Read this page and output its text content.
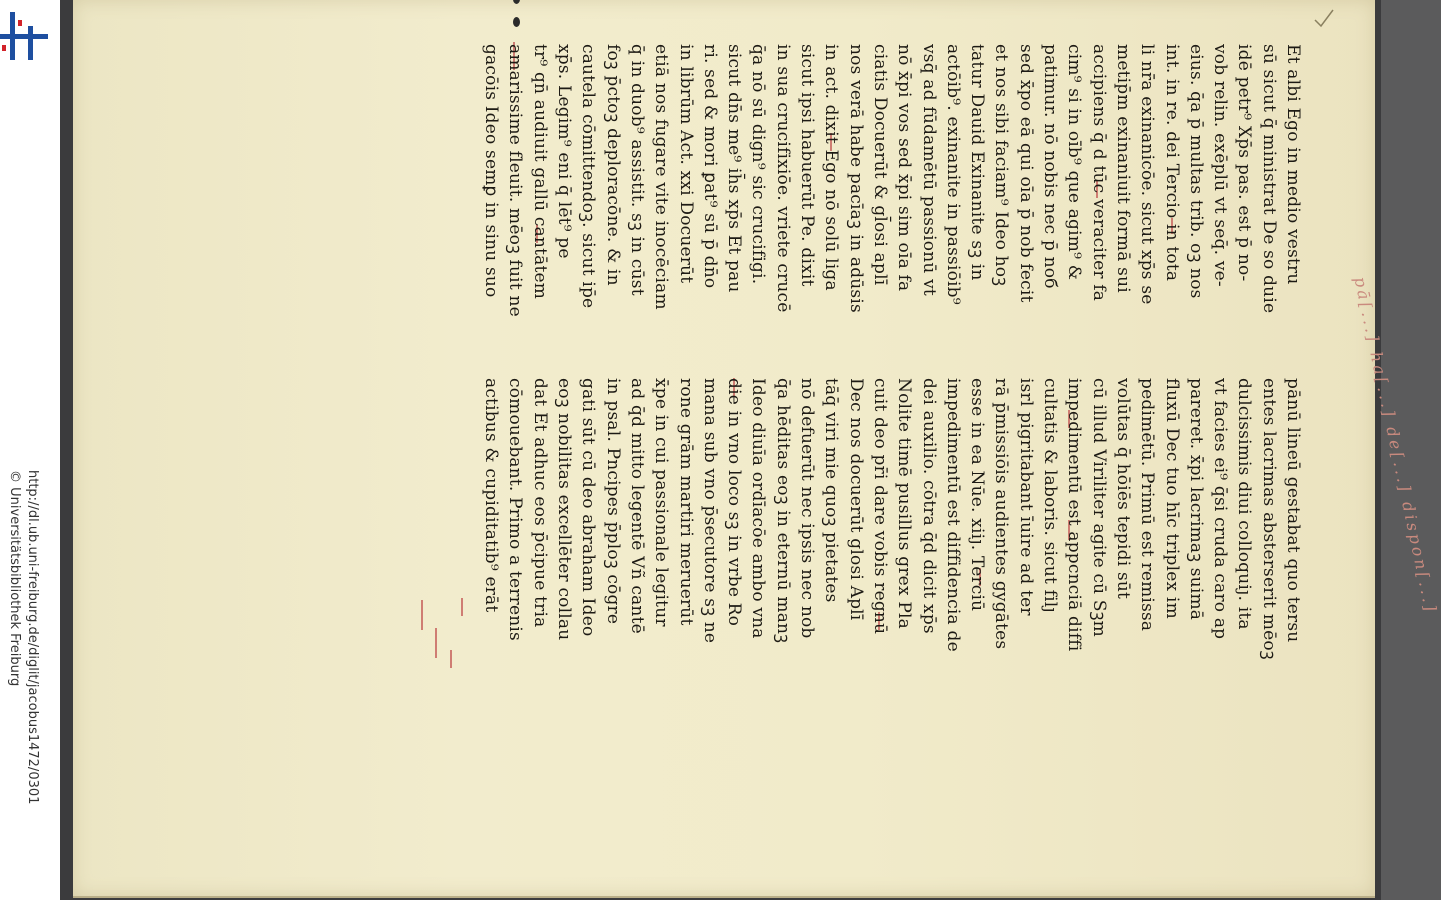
http://dl.ub.uni-freiburg.de/diglit/jacobus1472/0301
© Universitätsbibliothek Freiburg
Et albi Ego in medio vestru
sū sicut q̄ ministrat De so duie
idē petr⁹ Xp̄s pas. est p̄ no-
vob relin. exēplū vt seq̄. ve-
eius. q̄a p̄ multas trib. oꝫ nos
int. in re. dei Tercio in tota
li nr̄a exinanicōe. sicut xp̄s se
metip̄m exinaniuit formā sui
accipiens q̄ d tūc veraciter fa
cim⁹ si in oīb⁹ que agim⁹ &
patimur. nō nobis nec p̄ noб
sed x̄po eā qui oīa p̄ nob fecit
et nos sibi faciam⁹ Ideo hoꝫ
tatur Dauid Exinanite sꝫ in
actōib⁹. exinanite in passiōib⁹
vsq̄ ad fūdamētū passionū vt
nō x̄pi vos sed x̄pi sim oīa fa
ciatis Docuerūt & gl̄osi aplī
nos verā habe pacīaꝫ in adūsis
in act. dixit Ego nō solū liga
sicut ipsi habuerūt Pe. dixit
in sua crucifixiōe. vriete crucē
q̄a nō sū dign⁹ sic crucifigi.
sicut dn̄s me⁹ ih̄s xp̄s Et pau
ri. sed & mori ꝑat⁹ sū p̄ dn̄o
in librūm Act. xxi Docuerūt
etiā nos fugare vite inocēciam
q̄ in duob⁹ assistit. sꝫ in cūst
foꝫ p̄ctoꝫ deploracōne. & in
cautela cōmittendoꝫ. sicut ip̄e
xp̄s. Legim⁹ eni q̄ lēt⁹ pe
tr⁹ qn̄ audiuit gallū cantātem
amarissime fleuit. mēoꝫ fuit ne
gacōis Ideo semꝑ in sinu suo
pānū lineū gestabat quo tersu
entes lacrimas absterserit mēoꝫ
dulcissimis diui colloquiȷ. ita
vt facies ei⁹ q̄si cruda caro ap
pareret. x̄pi lacrimaꝫ suimā
fluxū Dec tuo hīc triplex im
pedimētū. Primū est remissa
volūtas q̄ hōiēs tepidi sūt
cū illud Viriliter agite cū Sꝫm
impedimentū est appcnciā diffi
cultatis & laboris. sicut filȷ
isrl pigritabant īuire ad ter
rā p̄missiōis audientes gygātes
esse in ea Nūe. xiiȷ. Terciū
impedimentū est diffidencia de
dei auxilio. cōtra q̄d dicit xp̄s
Nolite timē pusillus grex Pla
cuit deo pr̄i dare vobis regnū
Dec nos docuerūt glosi Aplī
tāq̄ viri mie quoꝫ pietates
nō defuerūt nec ipsis nec nob
q̄a hēditas eoꝫ in eternū manꝫ
Ideo diuīa ordīacōe ambo vna
die in vno loco sꝫ in vrbe Ro
mana sub vno p̄secutore sꝫ ne
rone grām martiri meruerūt
x̄pe in cui passionale legitur
ad q̄d mitto legentē Vñ cantē
in psal. Pncipes p̄ploꝫ cōgre
gati sūt cū deo abraham Ideo
eoꝫ nobilitas excellēter collau
dat Et adhuc eos p̄cipue tria
cōmouebant. Primo a terrenis
actibus & cupiditatib⁹ erāt	pā[...] ha[...] de[...] dispon[...]
